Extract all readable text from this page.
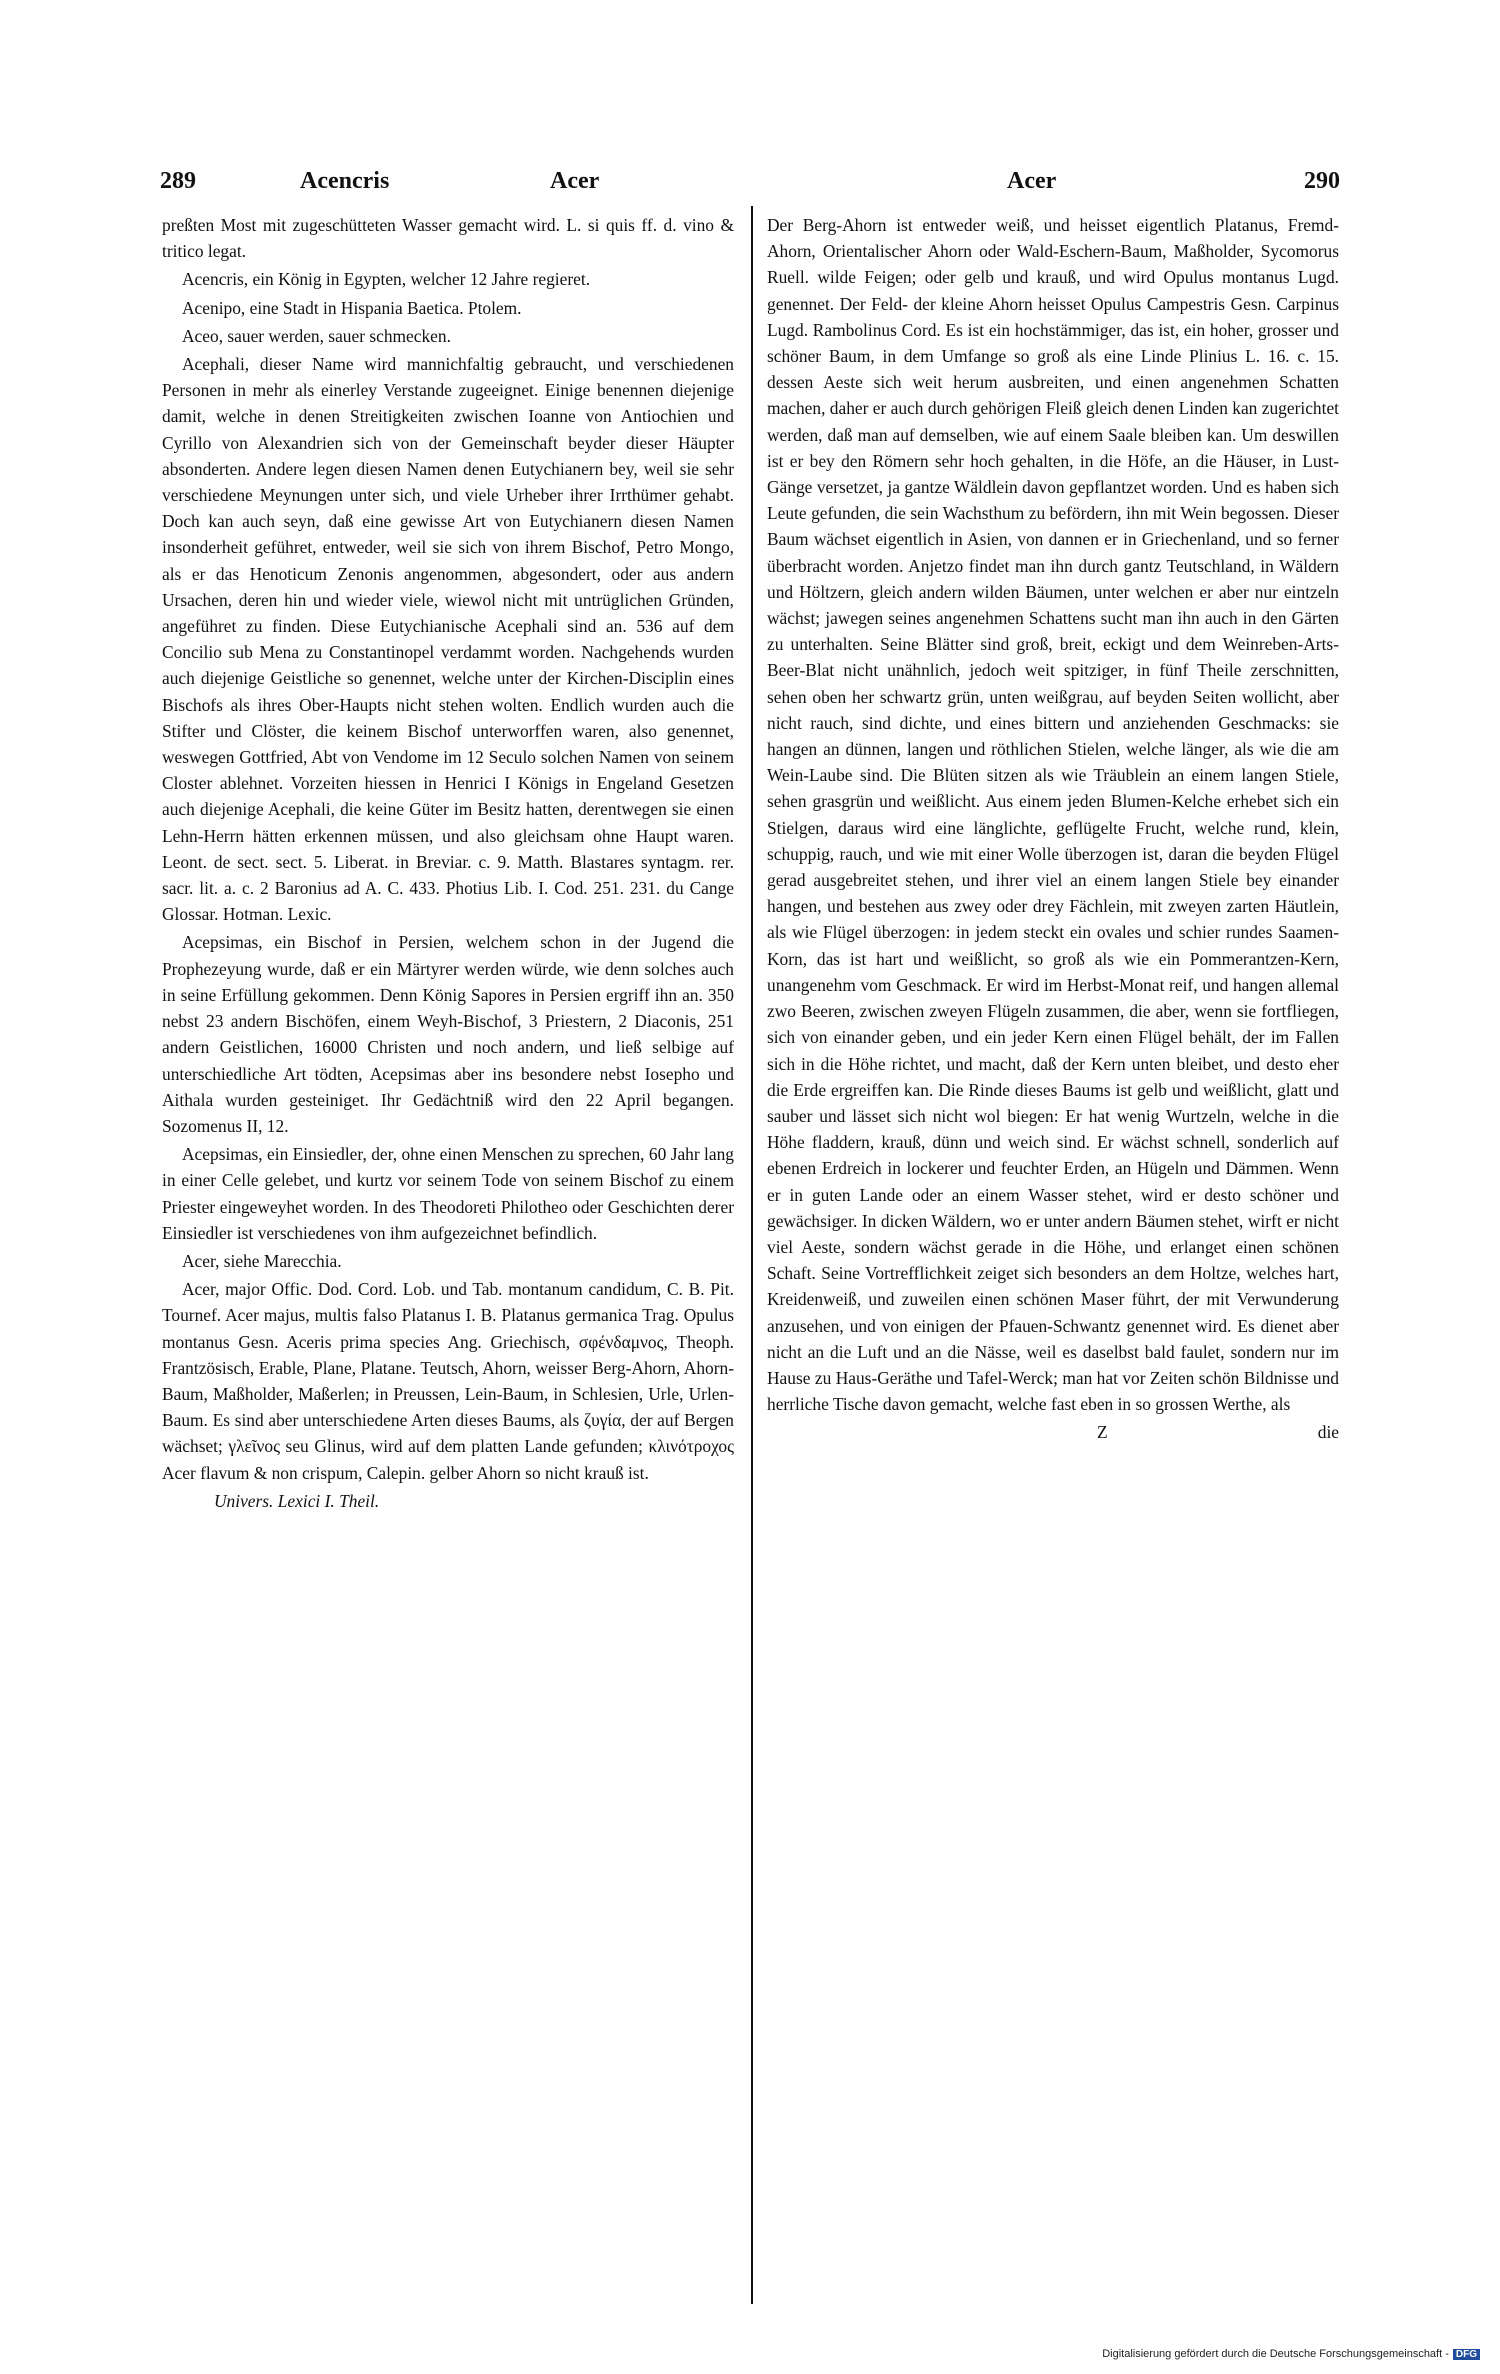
289	Acencris	Acer	Acer	290

preßten Most mit zugeschütteten Wasser gemacht wird. L. si quis ff. d. vino & tritico legat.

Acencris, ein König in Egypten, welcher 12 Jahre regieret.

Acenipo, eine Stadt in Hispania Baetica. Ptolem.

Aceo, sauer werden, sauer schmecken.

Acephali, dieser Name wird mannichfaltig gebraucht, und verschiedenen Personen in mehr als einerley Verstande zugeeignet. Einige benennen diejenige damit, welche in denen Streitigkeiten zwischen Ioanne von Antiochien und Cyrillo von Alexandrien sich von der Gemeinschaft beyder dieser Häupter absonderten. Andere legen diesen Namen denen Eutychianern bey, weil sie sehr verschiedene Meynungen unter sich, und viele Urheber ihrer Irrthümer gehabt. Doch kan auch seyn, daß eine gewisse Art von Eutychianern diesen Namen insonderheit geführet, entweder, weil sie sich von ihrem Bischof, Petro Mongo, als er das Henoticum Zenonis angenommen, abgesondert, oder aus andern Ursachen, deren hin und wieder viele, wiewol nicht mit untrüglichen Gründen, angeführet zu finden. Diese Eutychianische Acephali sind an. 536 auf dem Concilio sub Mena zu Constantinopel verdammt worden. Nachgehends wurden auch diejenige Geistliche so genennet, welche unter der Kirchen-Disciplin eines Bischofs als ihres Ober-Haupts nicht stehen wolten. Endlich wurden auch die Stifter und Clöster, die keinem Bischof unterworffen waren, also genennet, weswegen Gottfried, Abt von Vendome im 12 Seculo solchen Namen von seinem Closter ablehnet. Vorzeiten hiessen in Henrici I Königs in Engeland Gesetzen auch diejenige Acephali, die keine Güter im Besitz hatten, derentwegen sie einen Lehn-Herrn hätten erkennen müssen, und also gleichsam ohne Haupt waren. Leont. de sect. sect. 5. Liberat. in Breviar. c. 9. Matth. Blastares syntagm. rer. sacr. lit. a. c. 2 Baronius ad A. C. 433. Photius Lib. I. Cod. 251. 231. du Cange Glossar. Hotman. Lexic.

Acepsimas, ein Bischof in Persien, welchem schon in der Jugend die Prophezeyung wurde, daß er ein Märtyrer werden würde, wie denn solches auch in seine Erfüllung gekommen. Denn König Sapores in Persien ergriff ihn an. 350 nebst 23 andern Bischöfen, einem Weyh-Bischof, 3 Priestern, 2 Diaconis, 251 andern Geistlichen, 16000 Christen und noch andern, und ließ selbige auf unterschiedliche Art tödten, Acepsimas aber ins besondere nebst Iosepho und Aithala wurden gesteiniget. Ihr Gedächtniß wird den 22 April begangen. Sozomenus II, 12.

Acepsimas, ein Einsiedler, der, ohne einen Menschen zu sprechen, 60 Jahr lang in einer Celle gelebet, und kurtz vor seinem Tode von seinem Bischof zu einem Priester eingeweyhet worden. In des Theodoreti Philotheo oder Geschichten derer Einsiedler ist verschiedenes von ihm aufgezeichnet befindlich.

Acer, siehe Marecchia.

Acer, major Offic. Dod. Cord. Lob. und Tab. montanum candidum, C. B. Pit. Tournef. Acer majus, multis falso Platanus I. B. Platanus germanica Trag. Opulus montanus Gesn. Aceris prima species Ang. Griechisch, σφένδαμνος, Theoph. Frantzösisch, Erable, Plane, Platane. Teutsch, Ahorn, weisser Berg-Ahorn, Ahorn-Baum, Maßholder, Maßerlen; in Preussen, Lein-Baum, in Schlesien, Urle, Urlen-Baum. Es sind aber unterschiedene Arten dieses Baums, als ζυγία, der auf Bergen wächset; γλεῖνος seu Glinus, wird auf dem platten Lande gefunden; κλινότροχος Acer flavum & non crispum, Calepin. gelber Ahorn so nicht krauß ist.

Univers. Lexici I. Theil.

Der Berg-Ahorn ist entweder weiß, und heisset eigentlich Platanus, Fremd-Ahorn, Orientalischer Ahorn oder Wald-Eschern-Baum, Maßholder, Sycomorus Ruell. wilde Feigen; oder gelb und krauß, und wird Opulus montanus Lugd. genennet. Der Feld- der kleine Ahorn heisset Opulus Campestris Gesn. Carpinus Lugd. Rambolinus Cord. Es ist ein hochstämmiger, das ist, ein hoher, grosser und schöner Baum, in dem Umfange so groß als eine Linde Plinius L. 16. c. 15. dessen Aeste sich weit herum ausbreiten, und einen angenehmen Schatten machen, daher er auch durch gehörigen Fleiß gleich denen Linden kan zugerichtet werden, daß man auf demselben, wie auf einem Saale bleiben kan. Um deswillen ist er bey den Römern sehr hoch gehalten, in die Höfe, an die Häuser, in Lust-Gänge versetzet, ja gantze Wäldlein davon gepflantzet worden. Und es haben sich Leute gefunden, die sein Wachsthum zu befördern, ihn mit Wein begossen. Dieser Baum wächset eigentlich in Asien, von dannen er in Griechenland, und so ferner überbracht worden. Anjetzo findet man ihn durch gantz Teutschland, in Wäldern und Höltzern, gleich andern wilden Bäumen, unter welchen er aber nur eintzeln wächst; jawegen seines angenehmen Schattens sucht man ihn auch in den Gärten zu unterhalten. Seine Blätter sind groß, breit, eckigt und dem Weinreben-Arts-Beer-Blat nicht unähnlich, jedoch weit spitziger, in fünf Theile zerschnitten, sehen oben her schwartz grün, unten weißgrau, auf beyden Seiten wollicht, aber nicht rauch, sind dichte, und eines bittern und anziehenden Geschmacks: sie hangen an dünnen, langen und röthlichen Stielen, welche länger, als wie die am Wein-Laube sind. Die Blüten sitzen als wie Träublein an einem langen Stiele, sehen grasgrün und weißlicht. Aus einem jeden Blumen-Kelche erhebet sich ein Stielgen, daraus wird eine länglichte, geflügelte Frucht, welche rund, klein, schuppig, rauch, und wie mit einer Wolle überzogen ist, daran die beyden Flügel gerad ausgebreitet stehen, und ihrer viel an einem langen Stiele bey einander hangen, und bestehen aus zwey oder drey Fächlein, mit zweyen zarten Häutlein, als wie Flügel überzogen: in jedem steckt ein ovales und schier rundes Saamen-Korn, das ist hart und weißlicht, so groß als wie ein Pommerantzen-Kern, unangenehm vom Geschmack. Er wird im Herbst-Monat reif, und hangen allemal zwo Beeren, zwischen zweyen Flügeln zusammen, die aber, wenn sie fortfliegen, sich von einander geben, und ein jeder Kern einen Flügel behält, der im Fallen sich in die Höhe richtet, und macht, daß der Kern unten bleibet, und desto eher die Erde ergreiffen kan. Die Rinde dieses Baums ist gelb und weißlicht, glatt und sauber und lässet sich nicht wol biegen: Er hat wenig Wurtzeln, welche in die Höhe fladdern, krauß, dünn und weich sind. Er wächst schnell, sonderlich auf ebenen Erdreich in lockerer und feuchter Erden, an Hügeln und Dämmen. Wenn er in guten Lande oder an einem Wasser stehet, wird er desto schöner und gewächsiger. In dicken Wäldern, wo er unter andern Bäumen stehet, wirft er nicht viel Aeste, sondern wächst gerade in die Höhe, und erlanget einen schönen Schaft. Seine Vortrefflichkeit zeiget sich besonders an dem Holtze, welches hart, Kreidenweiß, und zuweilen einen schönen Maser führt, der mit Verwunderung anzusehen, und von einigen der Pfauen-Schwantz genennet wird. Es dienet aber nicht an die Luft und an die Nässe, weil es daselbst bald faulet, sondern nur im Hause zu Haus-Geräthe und Tafel-Werck; man hat vor Zeiten schön Bildnisse und herrliche Tische davon gemacht, welche fast eben in so grossen Werthe, als

Z	die

Digitalisierung gefördert durch die Deutsche Forschungsgemeinschaft - DFG
